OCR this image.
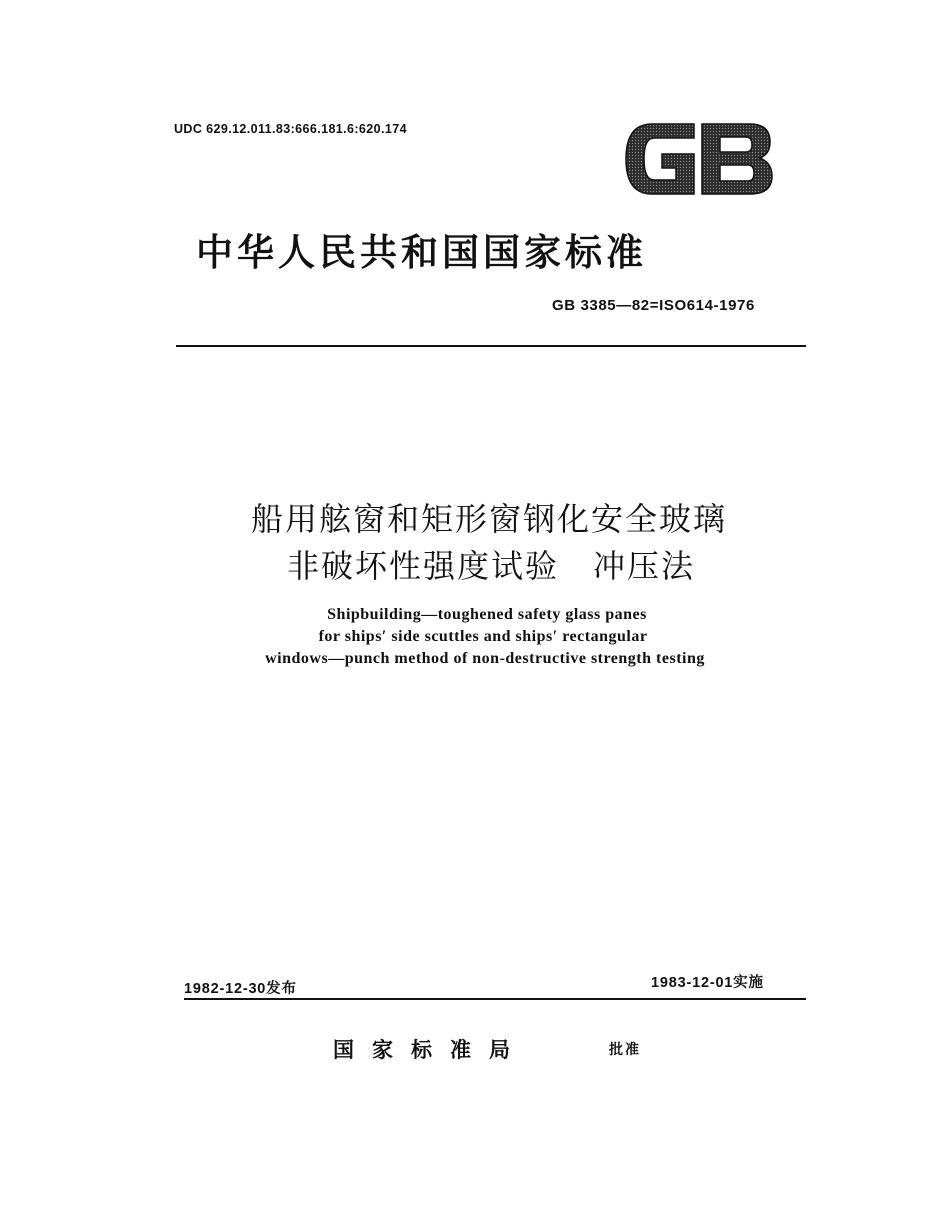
UDC 629.12.011.83:666.181.6:620.174
中华人民共和国国家标准
GB 3385—82=ISO614-1976
船用舷窗和矩形窗钢化安全玻璃
非破坏性强度试验　冲压法
Shipbuilding—toughened safety glass panes
for ships′ side scuttles and ships′ rectangular
windows—punch method of non-destructive strength testing
1982-12-30发布	1983-12-01实施
国家标准局	批准
